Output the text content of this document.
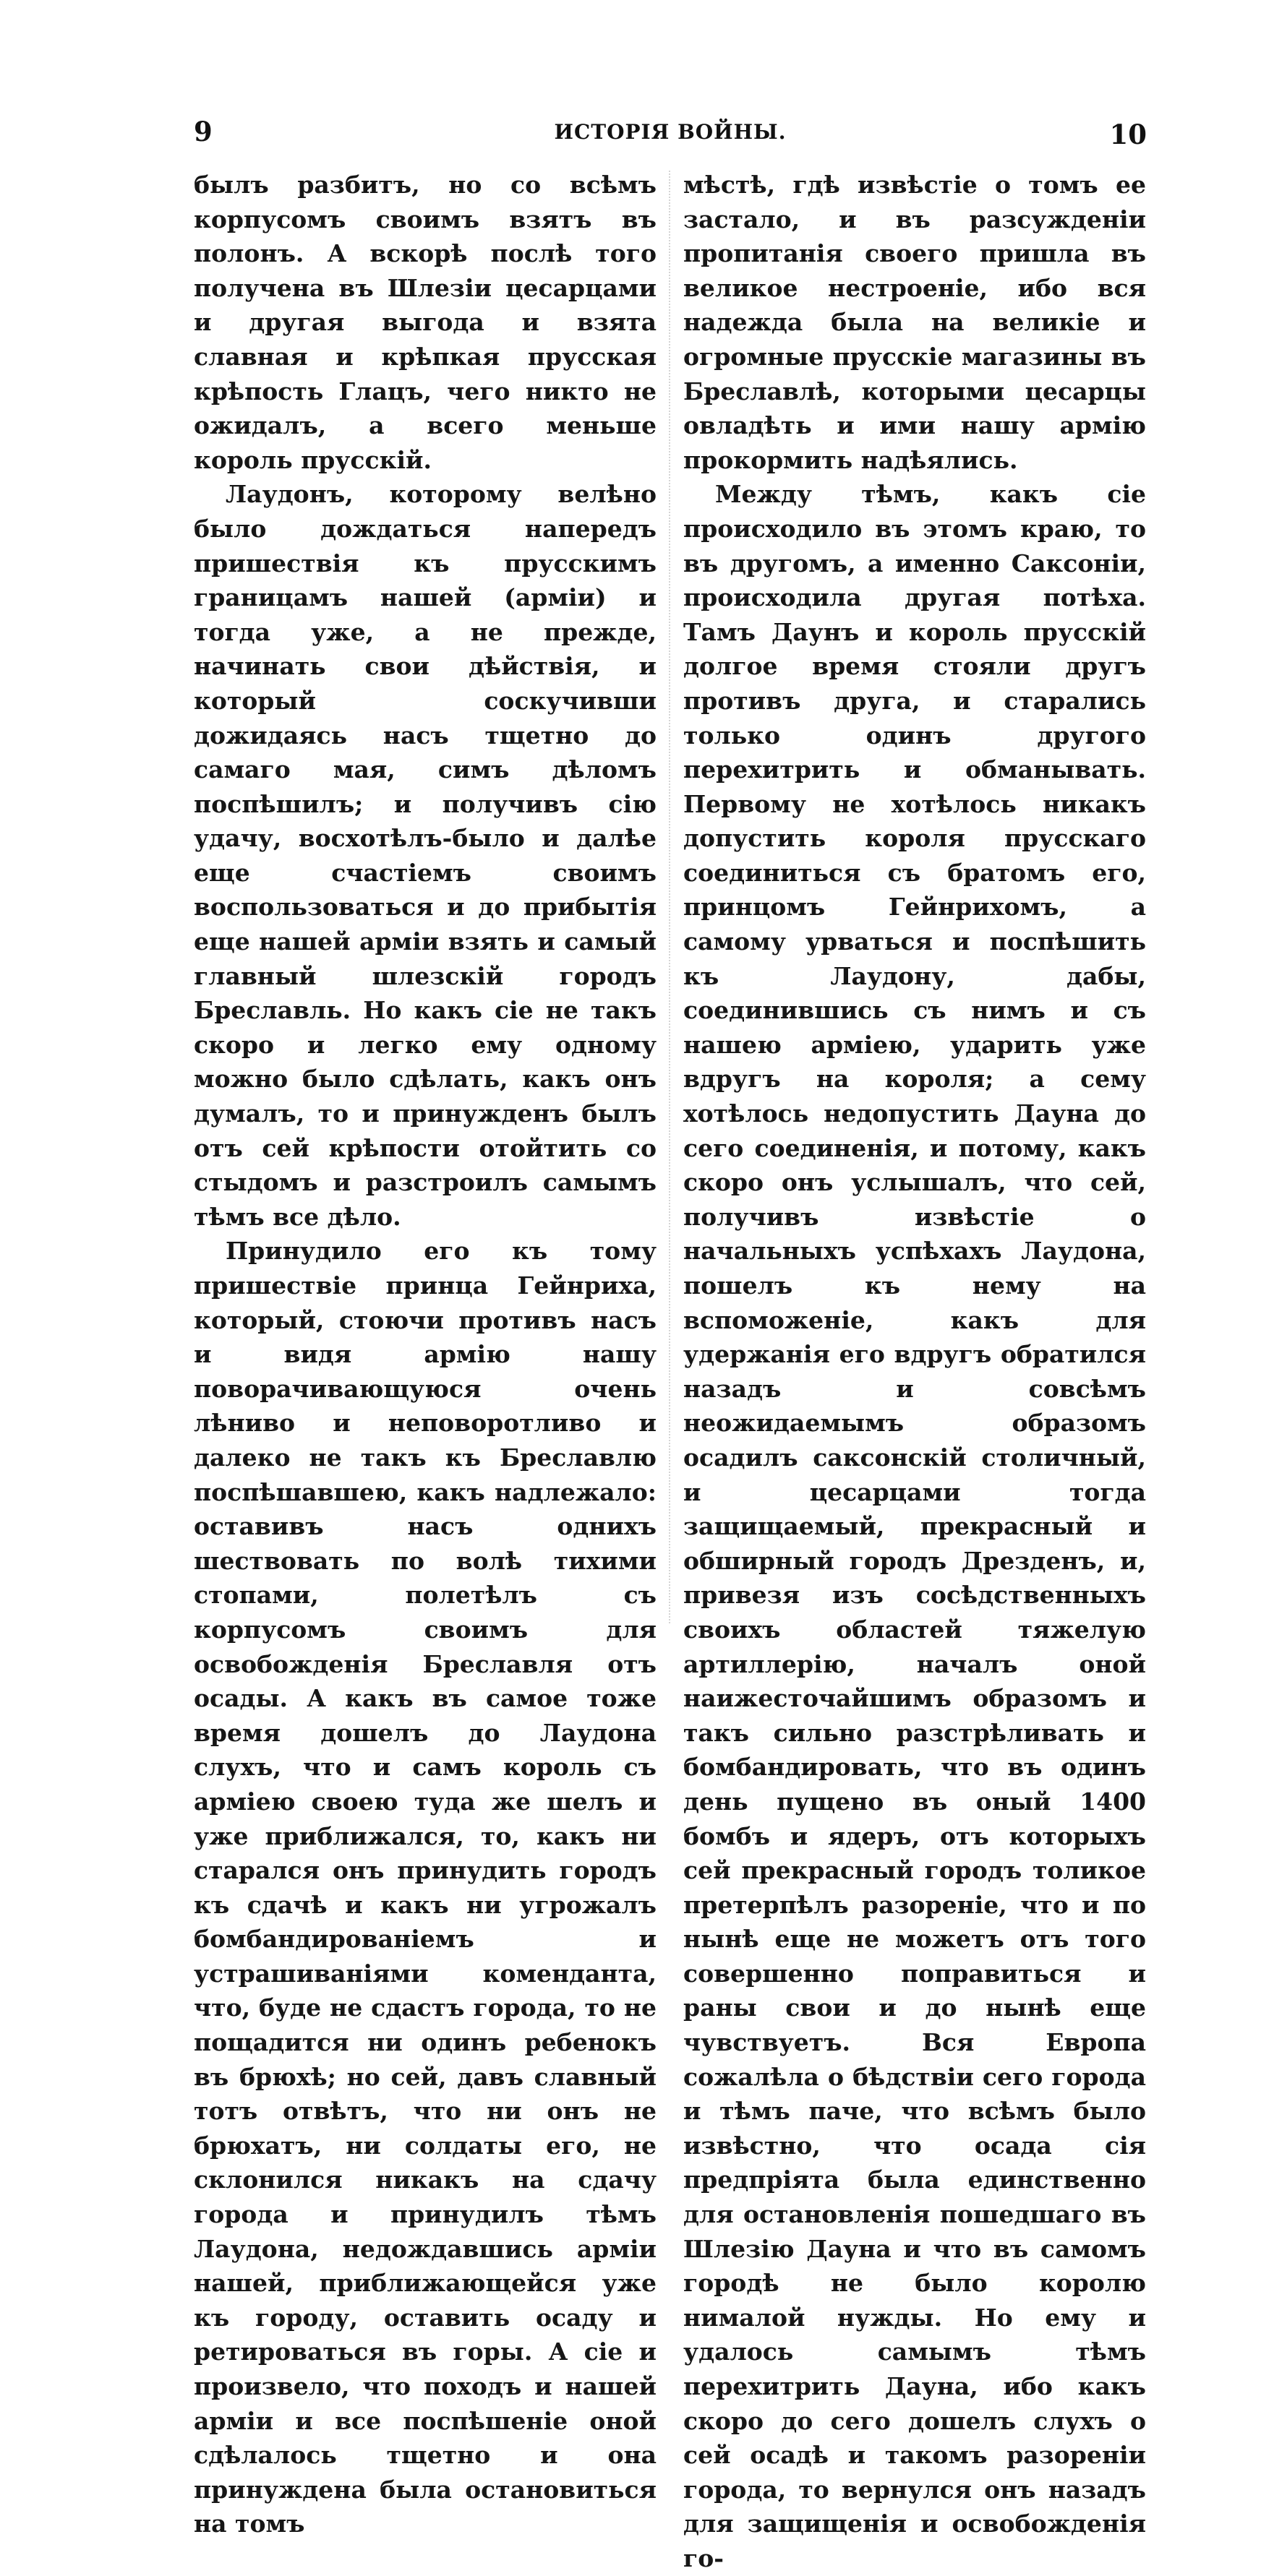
9	ИСТОРІЯ ВОЙНЫ.	10

былъ разбитъ, но со всѣмъ корпусомъ своимъ взятъ въ полонъ. А вскорѣ послѣ того получена въ Шлезіи цесарцами и другая выгода и взята славная и крѣпкая прусская крѣпость Глацъ, чего никто не ожидалъ, а всего меньше король прусскій.

Лаудонъ, которому велѣно было дождаться напередъ пришествія къ прусскимъ границамъ нашей (арміи) и тогда уже, а не прежде, начинать свои дѣйствія, и который соскучивши дожидаясь насъ тщетно до самаго мая, симъ дѣломъ поспѣшилъ; и получивъ сію удачу, восхотѣлъ-было и далѣе еще счастіемъ своимъ воспользоваться и до прибытія еще нашей арміи взять и самый главный шлезскій городъ Бреславль. Но какъ сіе не такъ скоро и легко ему одному можно было сдѣлать, какъ онъ думалъ, то и принужденъ былъ отъ сей крѣпости отойтить со стыдомъ и разстроилъ самымъ тѣмъ все дѣло.

Принудило его къ тому пришествіе принца Гейнриха, который, стоючи противъ насъ и видя армію нашу поворачивающуюся очень лѣниво и неповоротливо и далеко не такъ къ Бреславлю поспѣшавшею, какъ надлежало: оставивъ насъ однихъ шествовать по волѣ тихими стопами, полетѣлъ съ корпусомъ своимъ для освобожденія Бреславля отъ осады. А какъ въ самое тоже время дошелъ до Лаудона слухъ, что и самъ король съ арміею своею туда же шелъ и уже приближался, то, какъ ни старался онъ принудить городъ къ сдачѣ и какъ ни угрожалъ бомбандированіемъ и устрашиваніями коменданта, что, буде не сдастъ города, то не пощадится ни одинъ ребенокъ въ брюхѣ; но сей, давъ славный тотъ отвѣтъ, что ни онъ не брюхатъ, ни солдаты его, не склонился никакъ на сдачу города и принудилъ тѣмъ Лаудона, недождавшись арміи нашей, приближающейся уже къ городу, оставить осаду и ретироваться въ горы. А сіе и произвело, что походъ и нашей арміи и все поспѣшеніе оной сдѣлалось тщетно и она принуждена была остановиться на томъ

мѣстѣ, гдѣ извѣстіе о томъ ее застало, и въ разсужденіи пропитанія своего пришла въ великое нестроеніе, ибо вся надежда была на великіе и огромные прусскіе магазины въ Бреславлѣ, которыми цесарцы овладѣть и ими нашу армію прокормить надѣялись.

Между тѣмъ, какъ сіе происходило въ этомъ краю, то въ другомъ, а именно Саксоніи, происходила другая потѣха. Тамъ Даунъ и король прусскій долгое время стояли другъ противъ друга, и старались только одинъ другого перехитрить и обманывать. Первому не хотѣлось никакъ допустить короля прусскаго соединиться съ братомъ его, принцомъ Гейнрихомъ, а самому урваться и поспѣшить къ Лаудону, дабы, соединившись съ нимъ и съ нашею арміею, ударить уже вдругъ на короля; а сему хотѣлось недопустить Дауна до сего соединенія, и потому, какъ скоро онъ услышалъ, что сей, получивъ извѣстіе о начальныхъ успѣхахъ Лаудона, пошелъ къ нему на вспоможеніе, какъ для удержанія его вдругъ обратился назадъ и совсѣмъ неожидаемымъ образомъ осадилъ саксонскій столичный, и цесарцами тогда защищаемый, прекрасный и обширный городъ Дрезденъ, и, привезя изъ сосѣдственныхъ своихъ областей тяжелую артиллерію, началъ оной наижесточайшимъ образомъ и такъ сильно разстрѣливать и бомбандировать, что въ одинъ день пущено въ оный 1400 бомбъ и ядеръ, отъ которыхъ сей прекрасный городъ толикое претерпѣлъ разореніе, что и по нынѣ еще не можетъ отъ того совершенно поправиться и раны свои и до нынѣ еще чувствуетъ. Вся Европа сожалѣла о бѣдствіи сего города и тѣмъ паче, что всѣмъ было извѣстно, что осада сія предпріята была единственно для остановленія пошедшаго въ Шлезію Дауна и что въ самомъ городѣ не было королю нималой нужды. Но ему и удалось самымъ тѣмъ перехитрить Дауна, ибо какъ скоро до сего дошелъ слухъ о сей осадѣ и такомъ разореніи города, то вернулся онъ назадъ для защищенія и освобожденія го-
